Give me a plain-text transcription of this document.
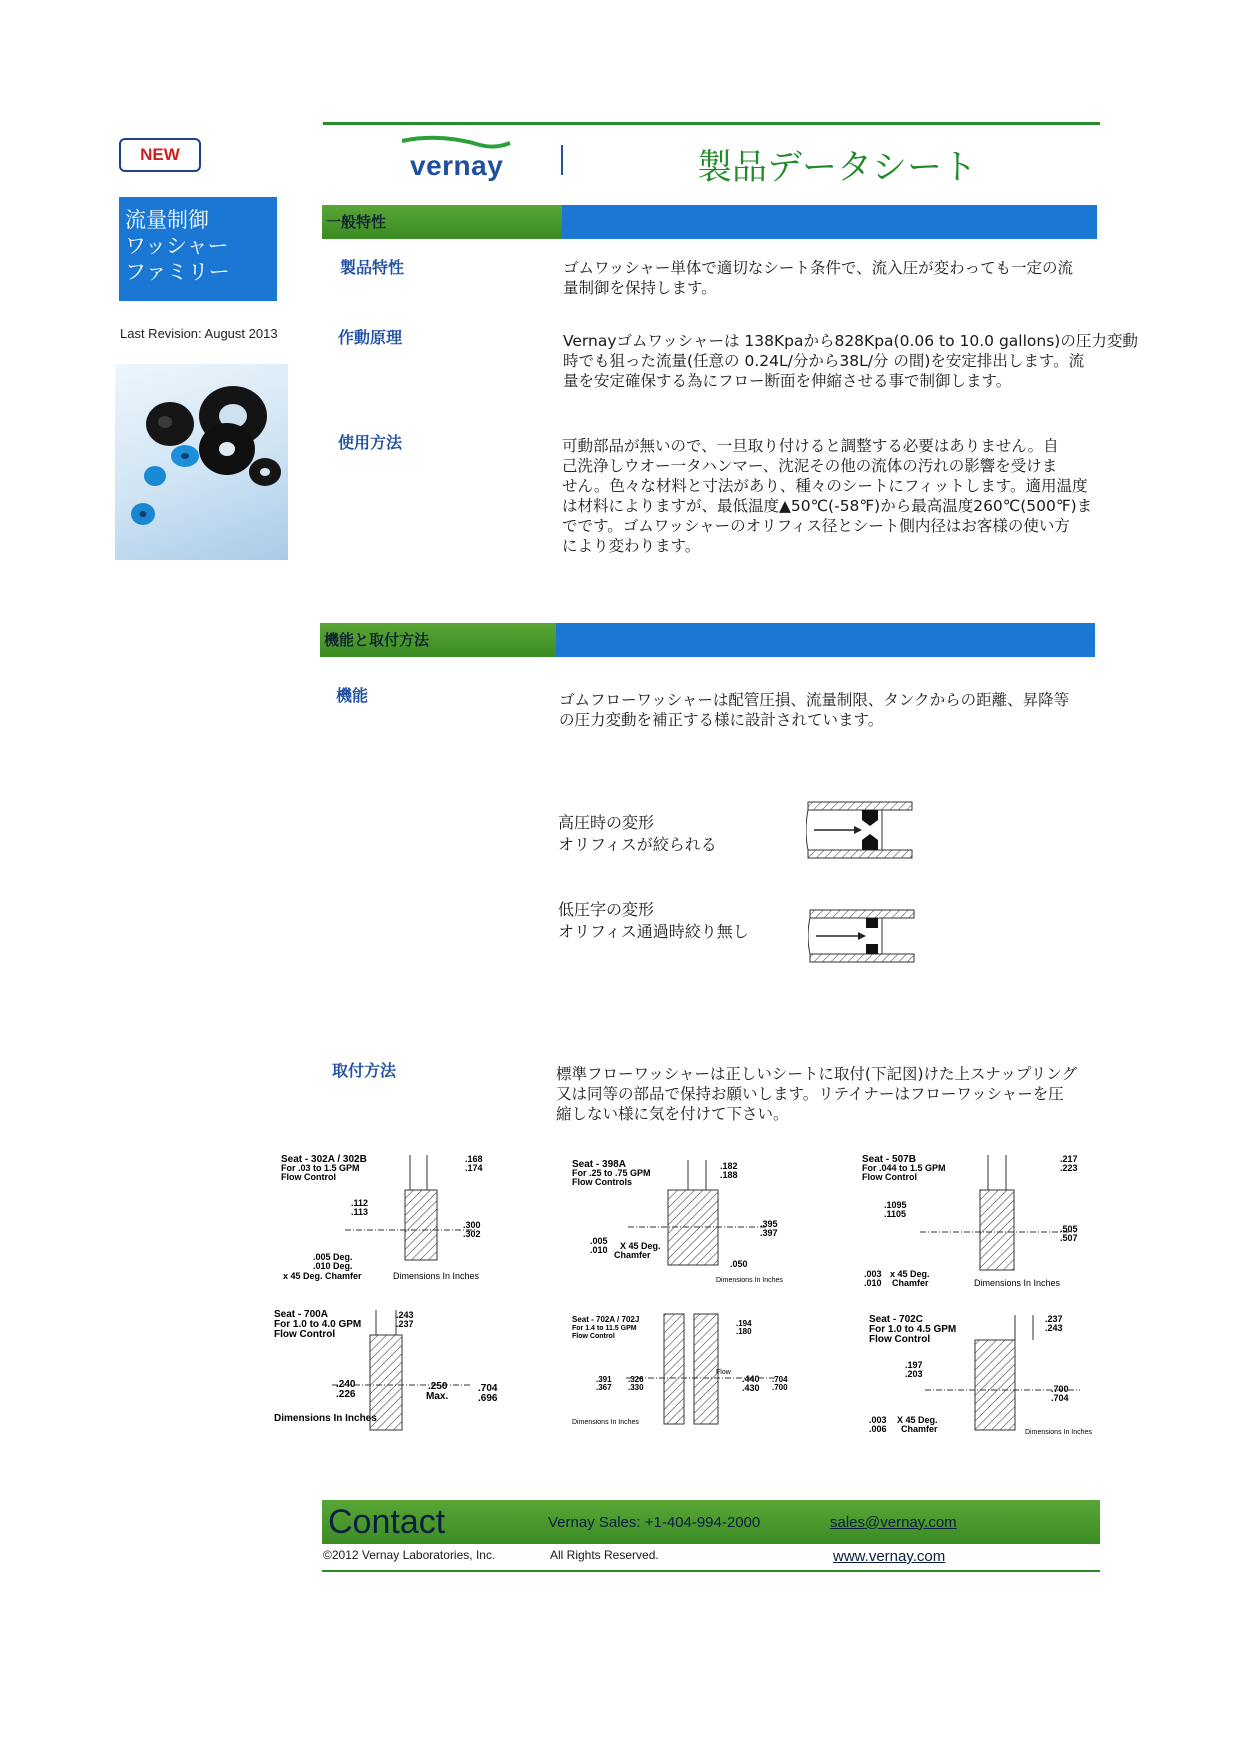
NEW
流量制御
ワッシャー
ファミリー
Last Revision: August 2013
vernay	製品データシート
一般特性
製品特性	ゴムワッシャー単体で適切なシート条件で、流入圧が変わっても一定の流

量制御を保持します。

作動原理	Vernayゴムワッシャーは 138Kpaから828Kpa(0.06 to 10.0 gallons)の圧力変動

時でも狙った流量(任意の 0.24L/分から38L/分 の間)を安定排出します。流

量を安定確保する為にフロー断面を伸縮させる事で制御します。

使用方法	可動部品が無いので、一旦取り付けると調整する必要はありません。自

己洗浄しウオー一タハンマー、沈泥その他の流体の汚れの影響を受けま

せん。色々な材料と寸法があり、種々のシートにフィットします。適用温度

は材料によりますが、最低温度▲50℃(-58℉)から最高温度260℃(500℉)ま

でです。ゴムワッシャーのオリフィス径とシート側内径はお客様の使い方

により変わります。

機能と取付方法
機能	ゴムフローワッシャーは配管圧損、流量制限、タンクからの距離、昇降等

の圧力変動を補正する様に設計されています。

高圧時の変形

オリフィスが絞られる

低圧字の変形

オリフィス通過時絞り無し

取付方法	標準フローワッシャーは正しいシートに取付(下記図)けた上スナップリング

又は同等の部品で保持お願いします。リテイナーはフローワッシャーを圧

縮しない様に気を付けて下さい。

Seat - 302A / 302B
For .03 to 1.5 GPM
Flow Control
.168
.174
.112
.113
.300
.302
.005 Deg.
.010 Deg.
x 45 Deg. Chamfer	Dimensions In Inches
Seat - 398A
For .25 to .75 GPM
Flow Controls
.182
.188
.395
.397
.005
.010 X 45 Deg.
Chamfer
.050
Dimensions In Inches
Seat - 507B
For .044 to 1.5 GPM
Flow Control
.217
.223
.1095
.1105
.505
.507
.003
.010
x 45 Deg.
Chamfer	Dimensions In Inches
Seat - 700A
For 1.0 to 4.0 GPM
Flow Control
.243
.237
.240
.226
.250
Max.
.704
.696
Dimensions In Inches
Seat - 702A / 702J
For 1.4 to 11.5 GPM
Flow Control
.194
.180
.391
.367
.326
.330
Flow
.440
.430
.704
.700
Dimensions In Inches
Seat - 702C
For 1.0 to 4.5 GPM
Flow Control
.237
.243
.197
.203
.700
.704
.003
.006
X 45 Deg.
Chamfer	Dimensions In Inches
Contact	Vernay Sales: +1-404-994-2000	sales@vernay.com
©2012 Vernay Laboratories, Inc.	All Rights Reserved.	www.vernay.com
